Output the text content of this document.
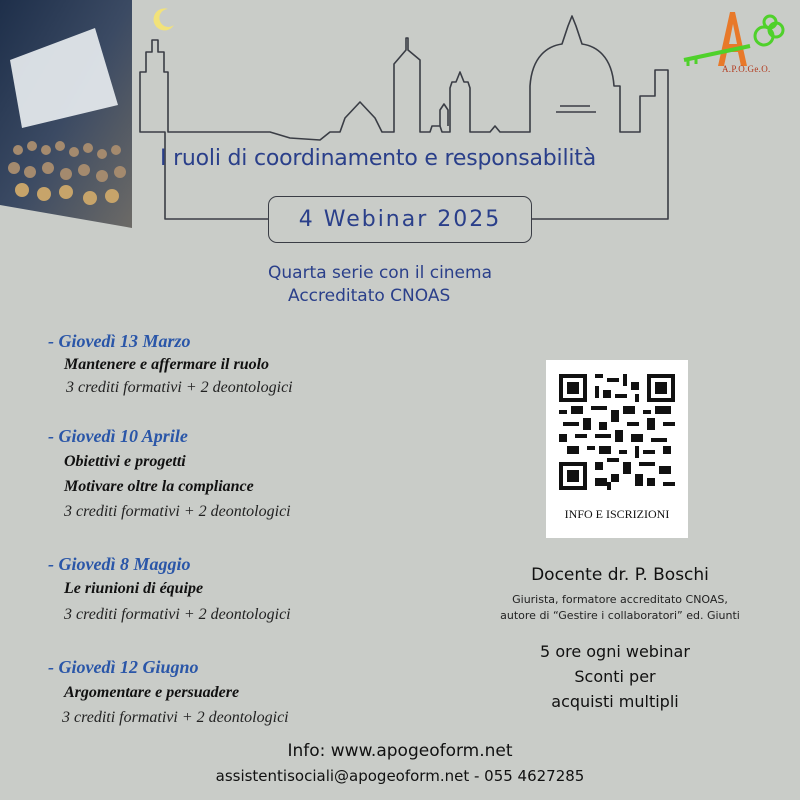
A.P.O.Ge.O.
I ruoli di coordinamento e responsabilità
4 Webinar 2025
Quarta serie con il cinema
Accreditato CNOAS
- Giovedì 13 Marzo
Mantenere e affermare il ruolo
3 crediti formativi + 2 deontologici
- Giovedì 10 Aprile
Obiettivi e progetti
Motivare oltre la compliance
3 crediti formativi + 2 deontologici
- Giovedì 8 Maggio
Le riunioni di équipe
3 crediti formativi + 2 deontologici
- Giovedì 12 Giugno
Argomentare e persuadere
3 crediti formativi + 2 deontologici
INFO E ISCRIZIONI
Docente dr. P. Boschi
Giurista, formatore accreditato CNOAS,
autore di “Gestire i collaboratori” ed. Giunti
5 ore ogni webinar
Sconti per
acquisti multipli
Info: www.apogeoform.net
assistentisociali@apogeoform.net - 055 4627285
